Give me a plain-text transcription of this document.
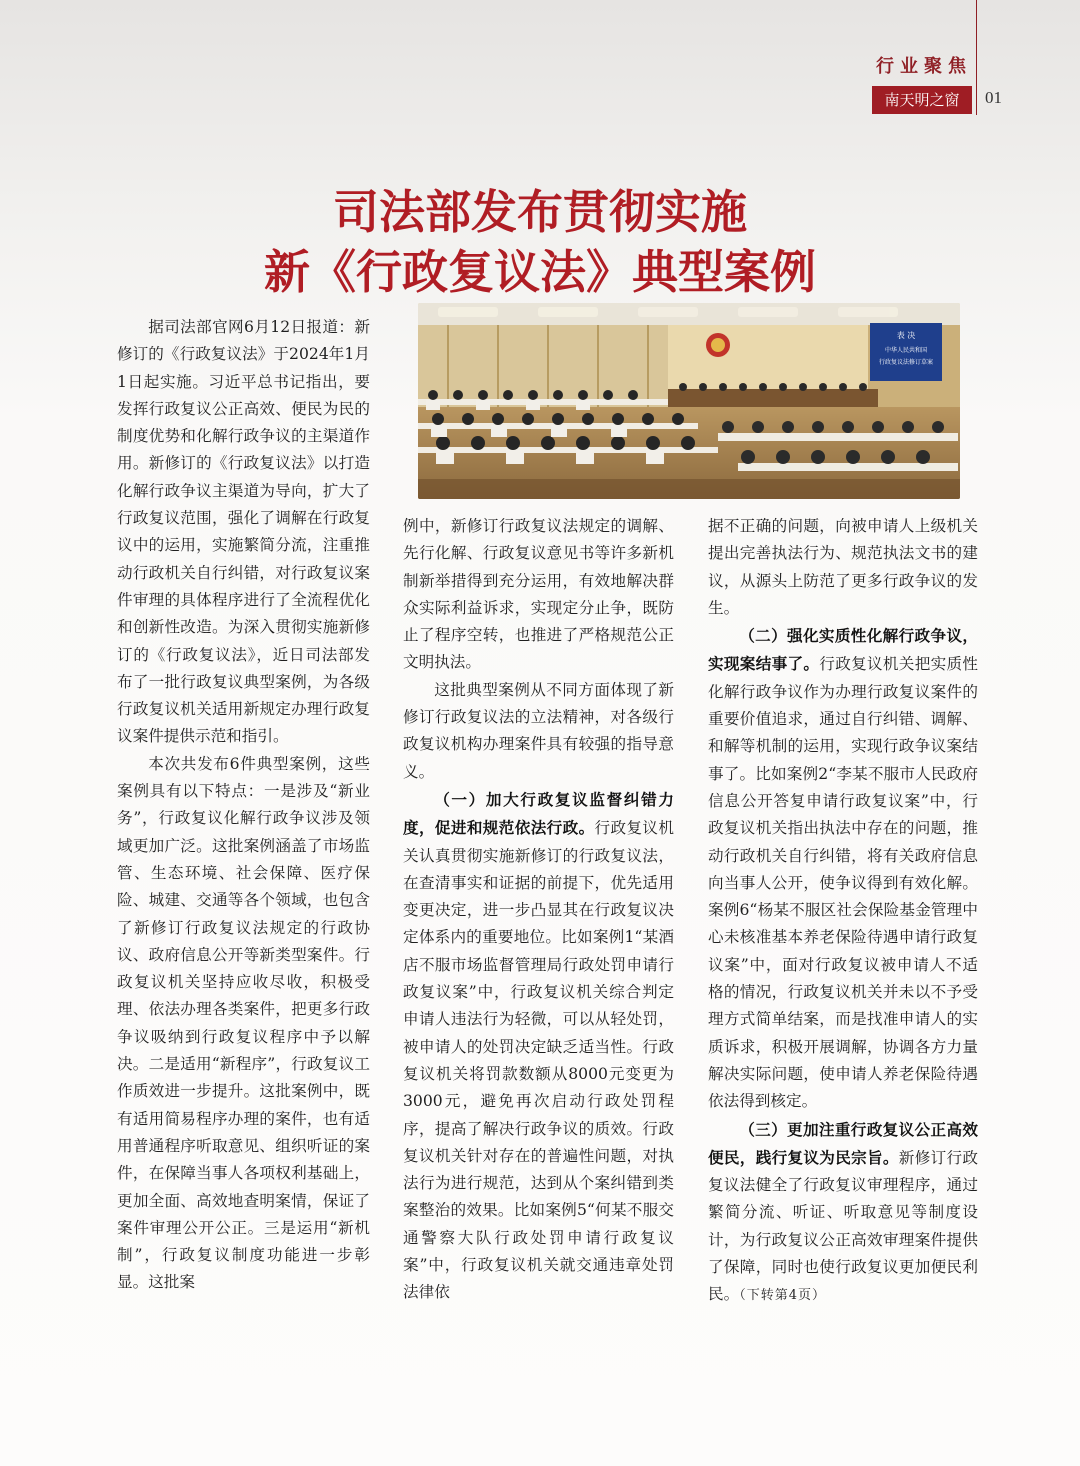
行业聚焦
南天明之窗	01
司法部发布贯彻实施
新《行政复议法》典型案例
表 决
中华人民共和国
行政复议法修订草案

据司法部官网6月12日报道：新修订的《行政复议法》于2024年1月1日起实施。习近平总书记指出，要发挥行政复议公正高效、便民为民的制度优势和化解行政争议的主渠道作用。新修订的《行政复议法》以打造化解行政争议主渠道为导向，扩大了行政复议范围，强化了调解在行政复议中的运用，实施繁简分流，注重推动行政机关自行纠错，对行政复议案件审理的具体程序进行了全流程优化和创新性改造。为深入贯彻实施新修订的《行政复议法》，近日司法部发布了一批行政复议典型案例，为各级行政复议机关适用新规定办理行政复议案件提供示范和指引。

本次共发布6件典型案例，这些案例具有以下特点：一是涉及“新业务”，行政复议化解行政争议涉及领域更加广泛。这批案例涵盖了市场监管、生态环境、社会保障、医疗保险、城建、交通等各个领域，也包含了新修订行政复议法规定的行政协议、政府信息公开等新类型案件。行政复议机关坚持应收尽收，积极受理、依法办理各类案件，把更多行政争议吸纳到行政复议程序中予以解决。二是适用“新程序”，行政复议工作质效进一步提升。这批案例中，既有适用简易程序办理的案件，也有适用普通程序听取意见、组织听证的案件，在保障当事人各项权利基础上，更加全面、高效地查明案情，保证了案件审理公开公正。三是运用“新机制”，行政复议制度功能进一步彰显。这批案

例中，新修订行政复议法规定的调解、先行化解、行政复议意见书等许多新机制新举措得到充分运用，有效地解决群众实际利益诉求，实现定分止争，既防止了程序空转，也推进了严格规范公正文明执法。

这批典型案例从不同方面体现了新修订行政复议法的立法精神，对各级行政复议机构办理案件具有较强的指导意义。

（一）加大行政复议监督纠错力度，促进和规范依法行政。行政复议机关认真贯彻实施新修订的行政复议法，在查清事实和证据的前提下，优先适用变更决定，进一步凸显其在行政复议决定体系内的重要地位。比如案例1“某酒店不服市场监督管理局行政处罚申请行政复议案”中，行政复议机关综合判定申请人违法行为轻微，可以从轻处罚，被申请人的处罚决定缺乏适当性。行政复议机关将罚款数额从8000元变更为3000元，避免再次启动行政处罚程序，提高了解决行政争议的质效。行政复议机关针对存在的普遍性问题，对执法行为进行规范，达到从个案纠错到类案整治的效果。比如案例5“何某不服交通警察大队行政处罚申请行政复议案”中，行政复议机关就交通违章处罚法律依

据不正确的问题，向被申请人上级机关提出完善执法行为、规范执法文书的建议，从源头上防范了更多行政争议的发生。

（二）强化实质性化解行政争议，实现案结事了。行政复议机关把实质性化解行政争议作为办理行政复议案件的重要价值追求，通过自行纠错、调解、和解等机制的运用，实现行政争议案结事了。比如案例2“李某不服市人民政府信息公开答复申请行政复议案”中，行政复议机关指出执法中存在的问题，推动行政机关自行纠错，将有关政府信息向当事人公开，使争议得到有效化解。案例6“杨某不服区社会保险基金管理中心未核准基本养老保险待遇申请行政复议案”中，面对行政复议被申请人不适格的情况，行政复议机关并未以不予受理方式简单结案，而是找准申请人的实质诉求，积极开展调解，协调各方力量解决实际问题，使申请人养老保险待遇依法得到核定。

（三）更加注重行政复议公正高效便民，践行复议为民宗旨。新修订行政复议法健全了行政复议审理程序，通过繁简分流、听证、听取意见等制度设计，为行政复议公正高效审理案件提供了保障，同时也使行政复议更加便民利民。（下转第4页）
